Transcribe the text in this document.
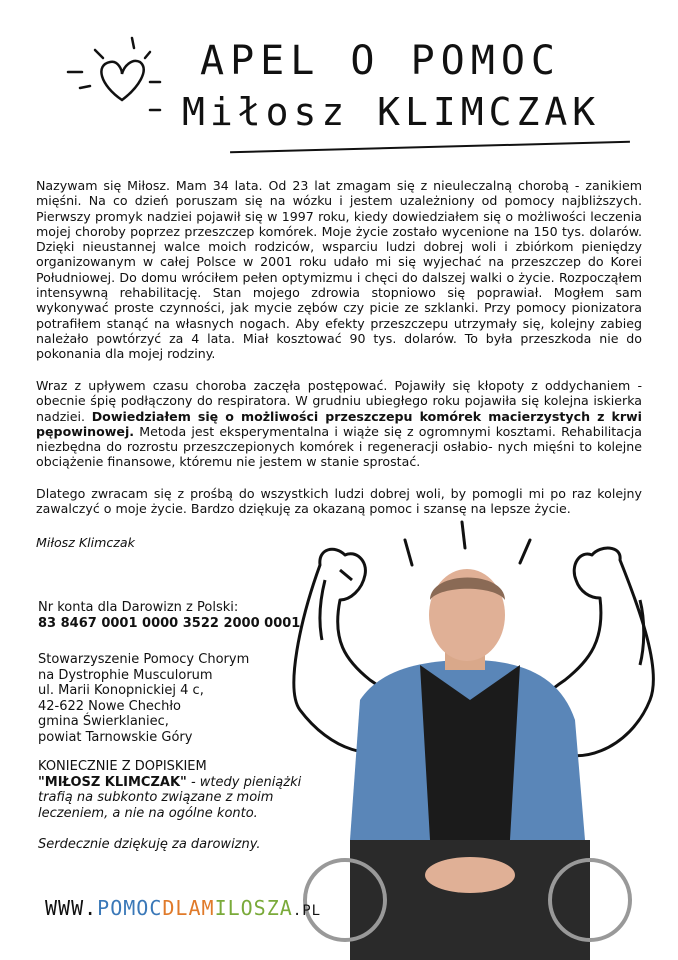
APEL O POMOC
Miłosz KLIMCZAK

Nazywam się Miłosz. Mam 34 lata. Od 23 lat zmagam się z nieuleczalną chorobą - zanikiem mięśni. Na co dzień poruszam się na wózku i jestem uzależniony od pomocy najbliższych. Pierwszy promyk nadziei pojawił się w 1997 roku, kiedy dowiedziałem się o możliwości leczenia mojej choroby poprzez przeszczep komórek. Moje życie zostało wycenione na 150 tys. dolarów. Dzięki nieustannej walce moich rodziców, wsparciu ludzi dobrej woli i zbiórkom pieniędzy organizowanym w całej Polsce w 2001 roku udało mi się wyjechać na przeszczep do Korei Południowej. Do domu wróciłem pełen optymizmu i chęci do dalszej walki o życie. Rozpocząłem intensywną rehabilitację. Stan mojego zdrowia stopniowo się poprawiał. Mogłem sam wykonywać proste czynności, jak mycie zębów czy picie ze szklanki. Przy pomocy pionizatora potrafiłem stanąć na własnych nogach. Aby efekty przeszczepu utrzymały się, kolejny zabieg należało powtórzyć za 4 lata. Miał kosztować 90 tys. dolarów. To była przeszkoda nie do pokonania dla mojej rodziny.

Wraz z upływem czasu choroba zaczęła postępować. Pojawiły się kłopoty z oddychaniem - obecnie śpię podłączony do respiratora. W grudniu ubiegłego roku pojawiła się kolejna iskierka nadziei. Dowiedziałem się o możliwości przeszczepu komórek macierzystych z krwi pępowinowej. Metoda jest eksperymentalna i wiąże się z ogromnymi kosztami. Rehabilitacja niezbędna do rozrostu przeszczepionych komórek i regeneracji osłabio- nych mięśni to kolejne obciążenie finansowe, któremu nie jestem w stanie sprostać.

Dlatego zwracam się z prośbą do wszystkich ludzi dobrej woli, by pomogli mi po raz kolejny zawalczyć o moje życie. Bardzo dziękuję za okazaną pomoc i szansę na lepsze życie.

Miłosz Klimczak
Nr konta dla Darowizn z Polski:
83 8467 0001 0000 3522 2000 0001
Stowarzyszenie Pomocy Chorym
na Dystrophie Musculorum
ul. Marii Konopnickiej 4 c,
42-622 Nowe Chechło
gmina Świerklaniec,
powiat Tarnowskie Góry
KONIECZNIE Z DOPISKIEM
"MIŁOSZ KLIMCZAK" - wtedy pieniążki trafią na subkonto związane z moim leczeniem, a nie na ogólne konto.
Serdecznie dziękuję za darowizny.
WWW.POMOCDLAMILOSZA.PL
